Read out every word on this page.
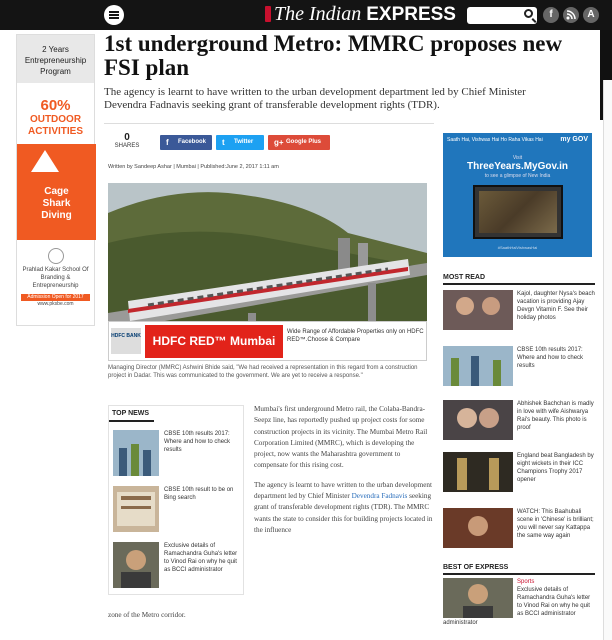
The Indian EXPRESS	f	A
2 Years
Entrepreneurship Program
60%
OUTDOOR ACTIVITIES
Cage
Shark
Diving
Prahlad Kakar School Of Branding & Entrepreneurship
Admission Open for 2017
www.pksbe.com
1st underground Metro: MMRC proposes new FSI plan

The agency is learnt to have written to the urban development department led by Chief Minister Devendra Fadnavis seeking grant of transferable development rights (TDR).

0
SHARES	f Facebook	t Twitter	g+ Google Plus
Written by Sandeep Ashar | Mumbai | Published:June 2, 2017 1:11 am
HDFC BANK HDFC RED™ Mumbai
Wide Range of Affordable Properties only on HDFC RED™.Choose & Compare
Managing Director (MMRC) Ashwini Bhide said, "We had received a representation in this regard from a construction project in Dadar. This was communicated to the government. We are yet to receive a response."
TOP NEWS
CBSE 10th results 2017: Where and how to check results
CBSE 10th result to be on Bing search
Exclusive details of Ramachandra Guha's letter to Vinod Rai on why he quit as BCCI administrator

Mumbai's first underground Metro rail, the Colaba-Bandra-Seepz line, has reportedly pushed up project costs for some construction projects in its vicinity. The Mumbai Metro Rail Corporation Limited (MMRC), which is developing the project, now wants the Maharashtra government to compensate for this rising cost.

The agency is learnt to have written to the urban development department led by Chief Minister Devendra Fadnavis seeking grant of transferable development rights (TDR). The MMRC wants the state to consider this for building projects located in the influence

zone of the Metro corridor.
Saath Hai, Vishwas Hai Ho Raha Vikas Hai	my GOV
Visit
ThreeYears.MyGov.in
to see a glimpse of New India
#SaathHaiVishwasHai
MOST READ
Kajol, daughter Nysa's beach vacation is providing Ajay Devgn Vitamin F. See their holiday photos
CBSE 10th results 2017: Where and how to check results
Abhishek Bachchan is madly in love with wife Aishwarya Rai's beauty. This photo is proof
England beat Bangladesh by eight wickets in their ICC Champions Trophy 2017 opener
WATCH: This Baahubali scene in 'Chinese' is brilliant; you will never say Kattappa the same way again
BEST OF EXPRESS
Sports
Exclusive details of Ramachandra Guha's letter to Vinod Rai on why he quit as BCCI administrator
administrator
